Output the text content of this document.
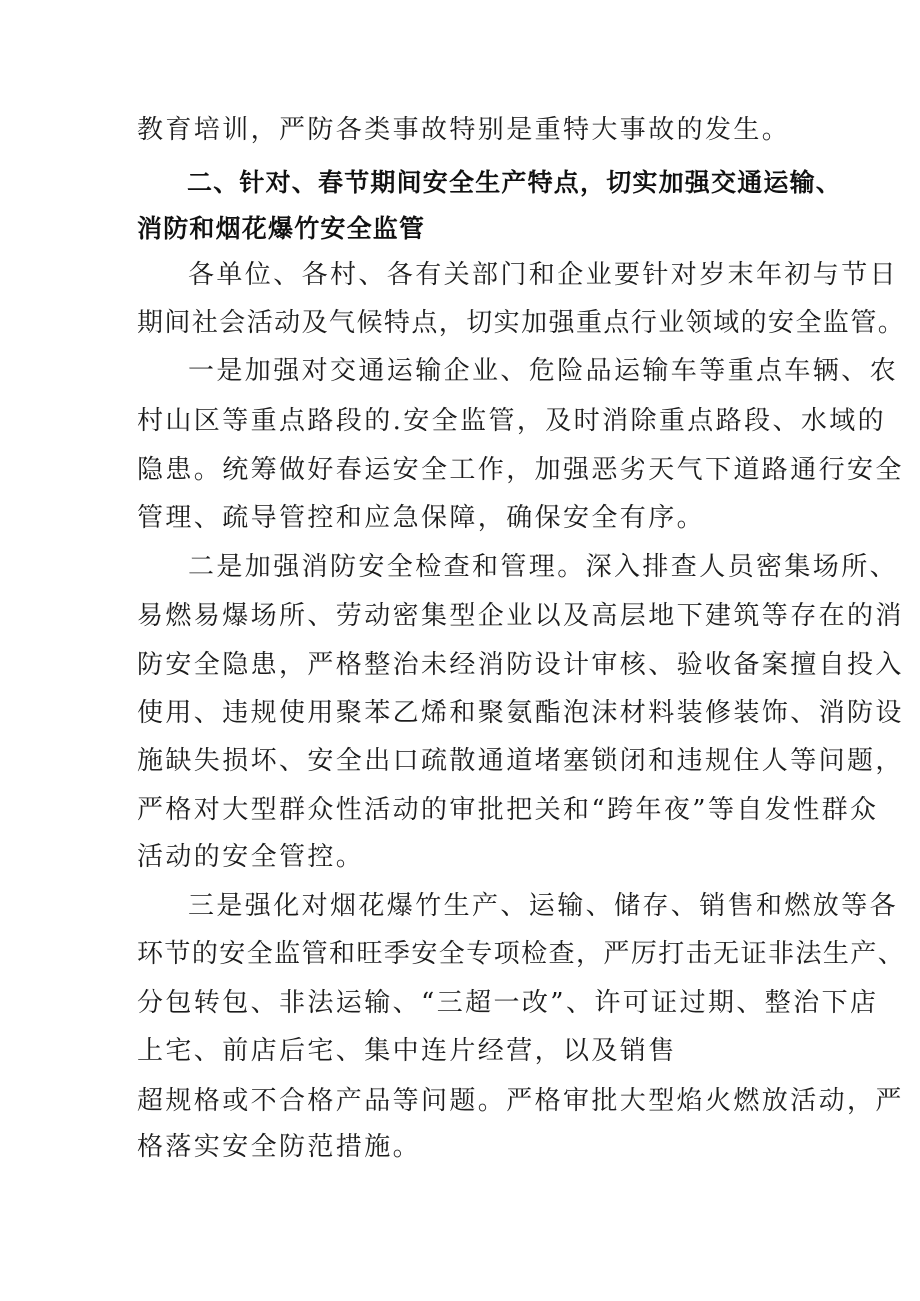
教育培训，严防各类事故特别是重特大事故的发生。
二、针对、春节期间安全生产特点，切实加强交通运输、
消防和烟花爆竹安全监管
各单位、各村、各有关部门和企业要针对岁末年初与节日
期间社会活动及气候特点，切实加强重点行业领域的安全监管。
一是加强对交通运输企业、危险品运输车等重点车辆、农
村山区等重点路段的.安全监管，及时消除重点路段、水域的
隐患。统筹做好春运安全工作，加强恶劣天气下道路通行安全
管理、疏导管控和应急保障，确保安全有序。
二是加强消防安全检查和管理。深入排查人员密集场所、
易燃易爆场所、劳动密集型企业以及高层地下建筑等存在的消
防安全隐患，严格整治未经消防设计审核、验收备案擅自投入
使用、违规使用聚苯乙烯和聚氨酯泡沫材料装修装饰、消防设
施缺失损坏、安全出口疏散通道堵塞锁闭和违规住人等问题，
严格对大型群众性活动的审批把关和“跨年夜”等自发性群众
活动的安全管控。
三是强化对烟花爆竹生产、运输、储存、销售和燃放等各
环节的安全监管和旺季安全专项检查，严厉打击无证非法生产、
分包转包、非法运输、“三超一改”、许可证过期、整治下店
上宅、前店后宅、集中连片经营，以及销售
超规格或不合格产品等问题。严格审批大型焰火燃放活动，严
格落实安全防范措施。
